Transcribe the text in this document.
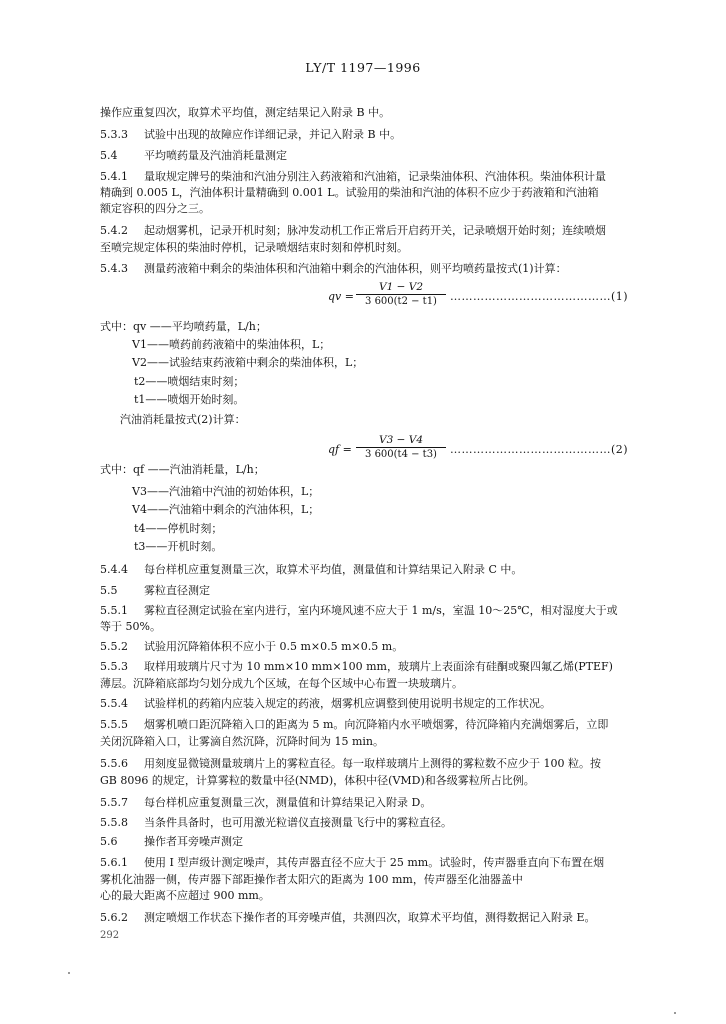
LY/T 1197—1996
操作应重复四次，取算术平均值，测定结果记入附录 B 中。
5.3.3 试验中出现的故障应作详细记录，并记入附录 B 中。
5.4 平均喷药量及汽油消耗量测定
5.4.1 量取规定牌号的柴油和汽油分别注入药液箱和汽油箱，记录柴油体积、汽油体积。柴油体积计量
精确到 0.005 L，汽油体积计量精确到 0.001 L。试验用的柴油和汽油的体积不应少于药液箱和汽油箱
额定容积的四分之三。
5.4.2 起动烟雾机，记录开机时刻；脉冲发动机工作正常后开启药开关，记录喷烟开始时刻；连续喷烟
至喷完规定体积的柴油时停机，记录喷烟结束时刻和停机时刻。
5.4.3 测量药液箱中剩余的柴油体积和汽油箱中剩余的汽油体积，则平均喷药量按式(1)计算：
式中：qv ——平均喷药量，L/h；
V1——喷药前药液箱中的柴油体积，L；
V2——试验结束药液箱中剩余的柴油体积，L；
t2——喷烟结束时刻；
t1——喷烟开始时刻。
汽油消耗量按式(2)计算：
式中：qf ——汽油消耗量，L/h；
V3——汽油箱中汽油的初始体积，L；
V4——汽油箱中剩余的汽油体积，L；
t4——停机时刻；
t3——开机时刻。
5.4.4 每台样机应重复测量三次，取算术平均值，测量值和计算结果记入附录 C 中。
5.5 雾粒直径测定
5.5.1 雾粒直径测定试验在室内进行，室内环境风速不应大于 1 m/s，室温 10～25℃，相对湿度大于或
等于 50%。
5.5.2 试验用沉降箱体积不应小于 0.5 m×0.5 m×0.5 m。
5.5.3 取样用玻璃片尺寸为 10 mm×10 mm×100 mm，玻璃片上表面涂有硅酮或聚四氟乙烯(PTEF)
薄层。沉降箱底部均匀划分成九个区域，在每个区域中心布置一块玻璃片。
5.5.4 试验样机的药箱内应装入规定的药液，烟雾机应调整到使用说明书规定的工作状况。
5.5.5 烟雾机喷口距沉降箱入口的距离为 5 m。向沉降箱内水平喷烟雾，待沉降箱内充满烟雾后，立即
关闭沉降箱入口，让雾滴自然沉降，沉降时间为 15 min。
5.5.6 用刻度显微镜测量玻璃片上的雾粒直径。每一取样玻璃片上测得的雾粒数不应少于 100 粒。按
GB 8096 的规定，计算雾粒的数量中径(NMD)，体积中径(VMD)和各级雾粒所占比例。
5.5.7 每台样机应重复测量三次，测量值和计算结果记入附录 D。
5.5.8 当条件具备时，也可用激光粒谱仪直接测量飞行中的雾粒直径。
5.6 操作者耳旁噪声测定
5.6.1 使用 I 型声级计测定噪声，其传声器直径不应大于 25 mm。试验时，传声器垂直向下布置在烟
雾机化油器一侧，传声器下部距操作者太阳穴的距离为 100 mm，传声器至化油器盖中
心的最大距离不应超过 900 mm。
5.6.2 测定喷烟工作状态下操作者的耳旁噪声值，共测四次，取算术平均值，测得数据记入附录 E。
qv = $\frac{V1 - V2}{3 600(t2 - t1)}$ ……………………………………(1)
qf = $\frac{V3 - V4}{3 600(t4 - t3)}$ ……………………………………(2)
292
